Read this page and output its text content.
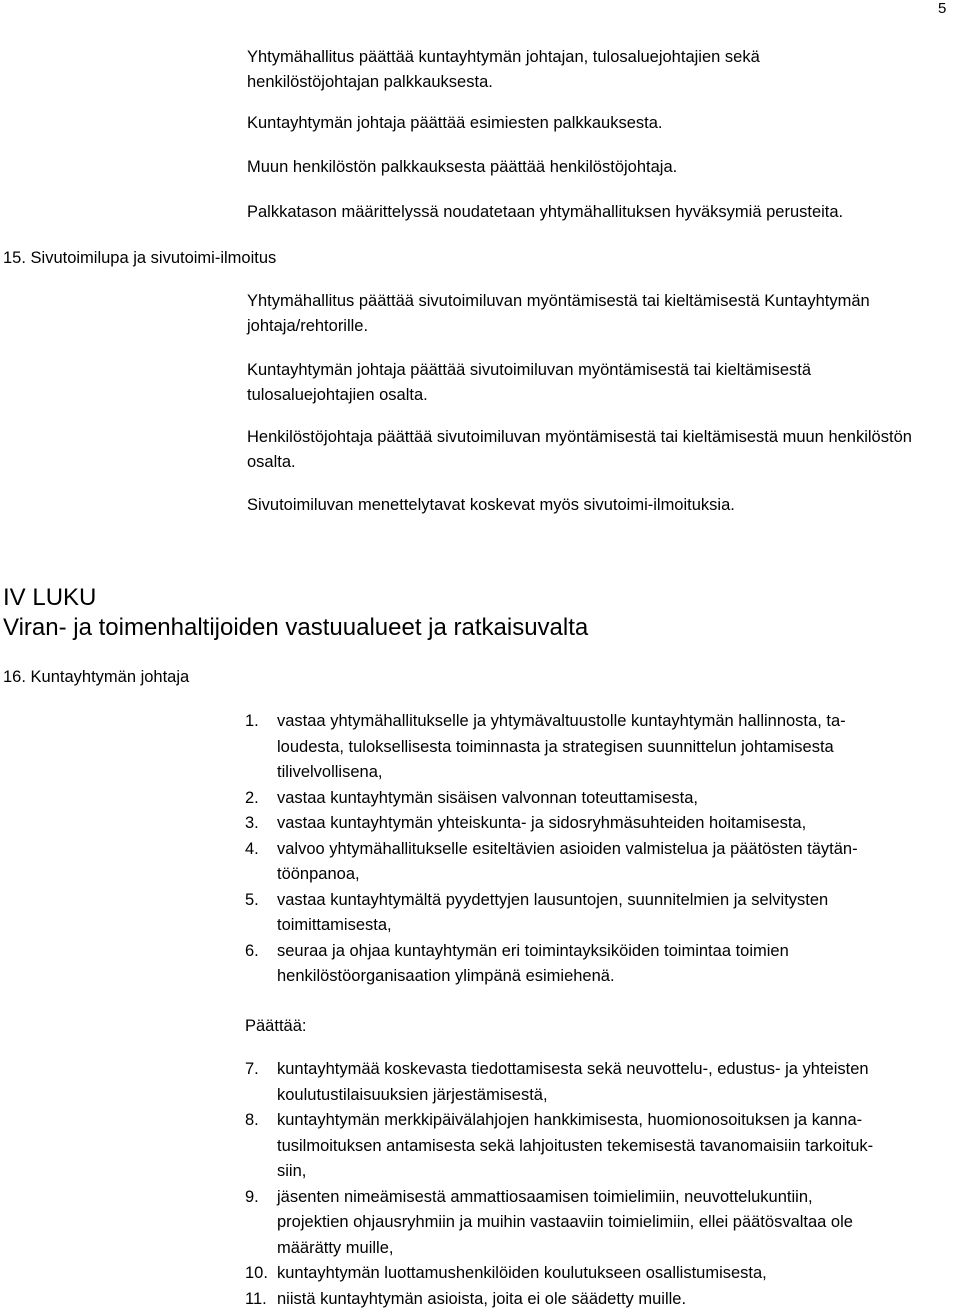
5

Yhtymähallitus päättää kuntayhtymän johtajan, tulosaluejohtajien sekä henkilöstöjohtajan palkkauksesta.

Kuntayhtymän johtaja päättää esimiesten palkkauksesta.

Muun henkilöstön palkkauksesta päättää henkilöstöjohtaja.

Palkkatason määrittelyssä noudatetaan yhtymähallituksen hyväksymiä perusteita.

15. Sivutoimilupa ja sivutoimi-ilmoitus

Yhtymähallitus päättää sivutoimiluvan myöntämisestä tai kieltämisestä Kuntayhtymän johtaja/rehtorille.

Kuntayhtymän johtaja päättää sivutoimiluvan myöntämisestä tai kieltämisestä tulosaluejohtajien osalta.

Henkilöstöjohtaja päättää sivutoimiluvan myöntämisestä tai kieltämisestä muun henkilöstön osalta.

Sivutoimiluvan menettelytavat koskevat myös sivutoimi-ilmoituksia.

IV LUKU
Viran- ja toimenhaltijoiden vastuualueet ja ratkaisuvalta
16. Kuntayhtymän johtaja
1. vastaa yhtymähallitukselle ja yhtymävaltuustolle kuntayhtymän hallinnosta, ta-
loudesta, tuloksellisesta toiminnasta ja strategisen suunnittelun johtamisesta
tilivelvollisena,
2. vastaa kuntayhtymän sisäisen valvonnan toteuttamisesta,
3. vastaa kuntayhtymän yhteiskunta- ja sidosryhmäsuhteiden hoitamisesta,
4. valvoo yhtymähallitukselle esiteltävien asioiden valmistelua ja päätösten täytän-
töönpanoa,
5. vastaa kuntayhtymältä pyydettyjen lausuntojen, suunnitelmien ja selvitysten
toimittamisesta,
6. seuraa ja ohjaa kuntayhtymän eri toimintayksiköiden toimintaa toimien
henkilöstöorganisaation ylimpänä esimiehenä.

Päättää:

7. kuntayhtymää koskevasta tiedottamisesta sekä neuvottelu-, edustus- ja yhteisten
koulutustilaisuuksien järjestämisestä,
8. kuntayhtymän merkkipäivälahjojen hankkimisesta, huomionosoituksen ja kanna-
tusilmoituksen antamisesta sekä lahjoitusten tekemisestä tavanomaisiin tarkoituk-
siin,
9. jäsenten nimeämisestä ammattiosaamisen toimielimiin, neuvottelukuntiin,
projektien ohjausryhmiin ja muihin vastaaviin toimielimiin, ellei päätösvaltaa ole
määrätty muille,
10. kuntayhtymän luottamushenkilöiden koulutukseen osallistumisesta,
11. niistä kuntayhtymän asioista, joita ei ole säädetty muille.
